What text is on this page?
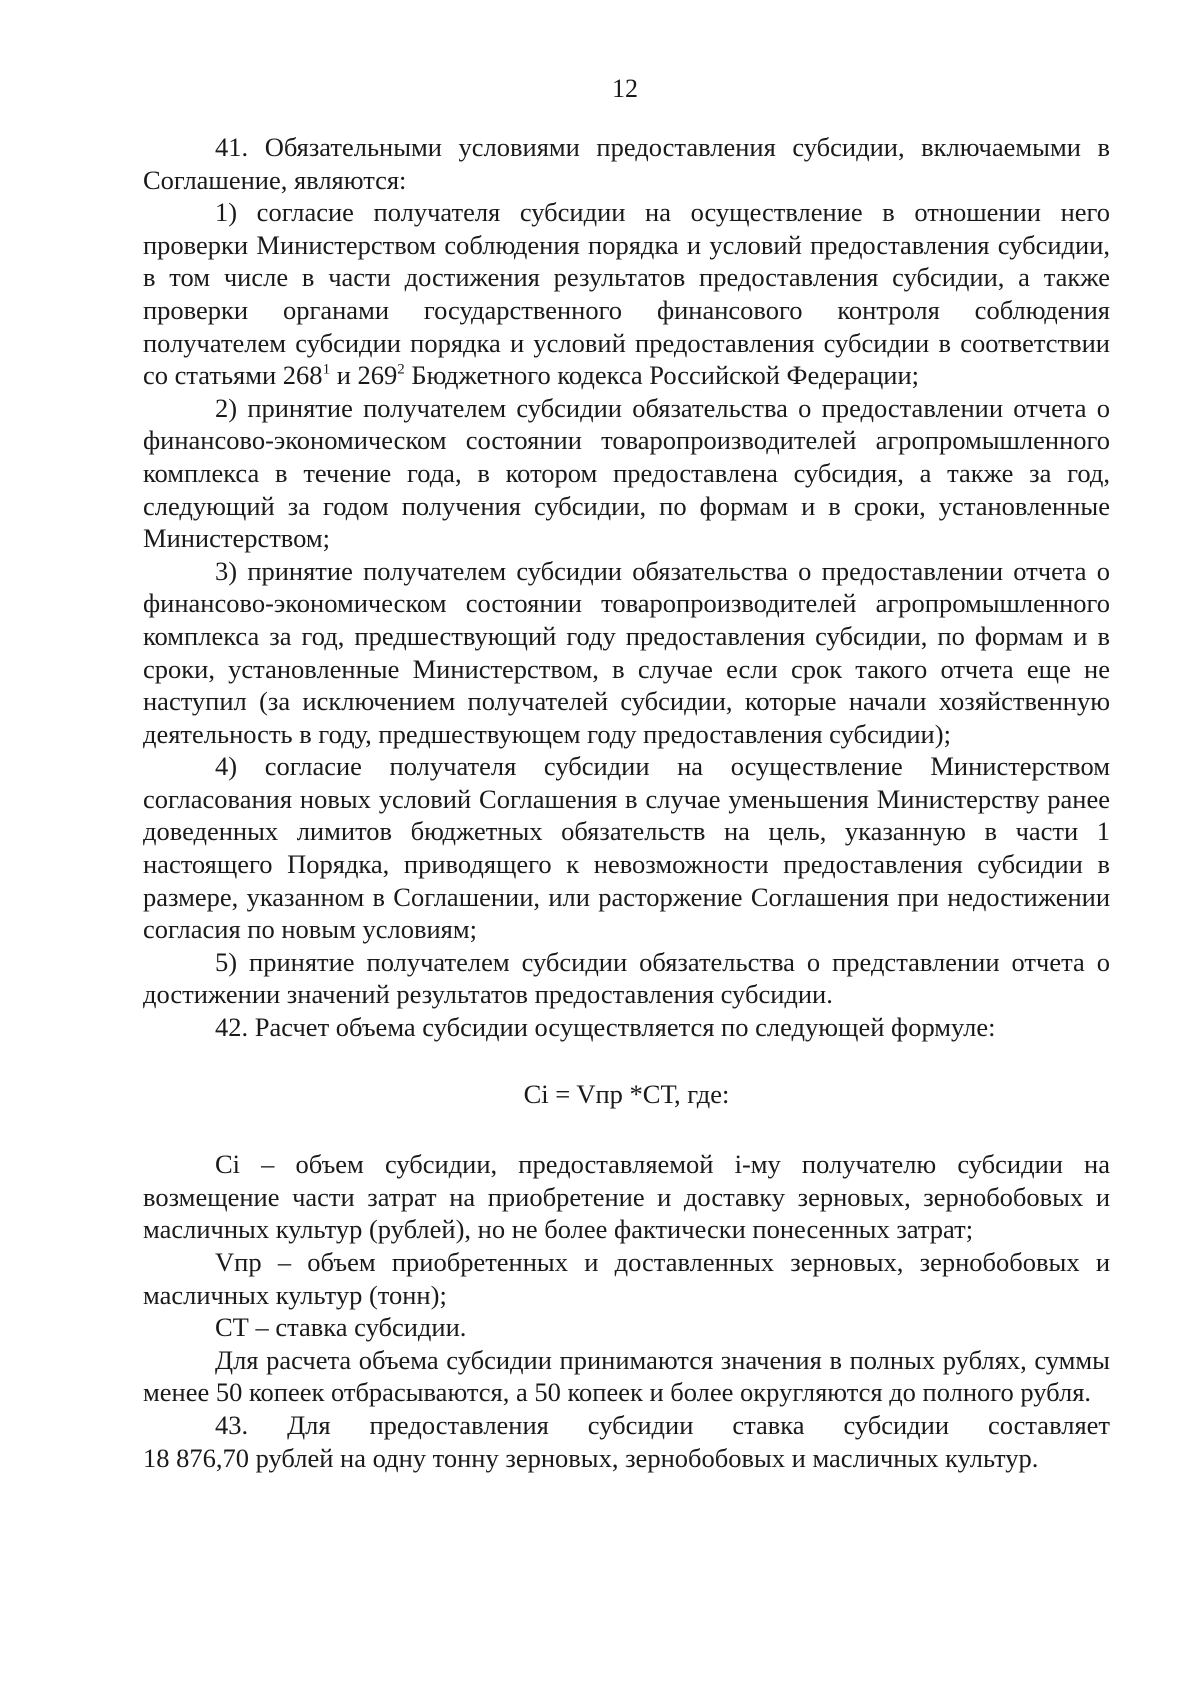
12

41. Обязательными условиями предоставления субсидии, включаемыми в Соглашение, являются:

1) согласие получателя субсидии на осуществление в отношении него проверки Министерством соблюдения порядка и условий предоставления субсидии, в том числе в части достижения результатов предоставления субсидии, а также проверки органами государственного финансового контроля соблюдения получателем субсидии порядка и условий предоставления субсидии в соответствии со статьями $268^1$ и $269^2$ Бюджетного кодекса Российской Федерации;

2) принятие получателем субсидии обязательства о предоставлении отчета о финансово-экономическом состоянии товаропроизводителей агропромышленного комплекса в течение года, в котором предоставлена субсидия, а также за год, следующий за годом получения субсидии, по формам и в сроки, установленные Министерством;

3) принятие получателем субсидии обязательства о предоставлении отчета о финансово-экономическом состоянии товаропроизводителей агропромышленного комплекса за год, предшествующий году предоставления субсидии, по формам и в сроки, установленные Министерством, в случае если срок такого отчета еще не наступил (за исключением получателей субсидии, которые начали хозяйственную деятельность в году, предшествующем году предоставления субсидии);

4) согласие получателя субсидии на осуществление Министерством согласования новых условий Соглашения в случае уменьшения Министерству ранее доведенных лимитов бюджетных обязательств на цель, указанную в части 1 настоящего Порядка, приводящего к невозможности предоставления субсидии в размере, указанном в Соглашении, или расторжение Соглашения при недостижении согласия по новым условиям;

5) принятие получателем субсидии обязательства о представлении отчета о достижении значений результатов предоставления субсидии.

42. Расчет объема субсидии осуществляется по следующей формуле:

Ci = Vпр *СТ, где:

Ci – объем субсидии, предоставляемой i-му получателю субсидии на возмещение части затрат на приобретение и доставку зерновых, зернобобовых и масличных культур (рублей), но не более фактически понесенных затрат;

Vпр – объем приобретенных и доставленных зерновых, зернобобовых и масличных культур (тонн);

СТ – ставка субсидии.

Для расчета объема субсидии принимаются значения в полных рублях, суммы менее 50 копеек отбрасываются, а 50 копеек и более округляются до полного рубля.

43. Для предоставления субсидии ставка субсидии составляет

18 876,70 рублей на одну тонну зерновых, зернобобовых и масличных культур.
